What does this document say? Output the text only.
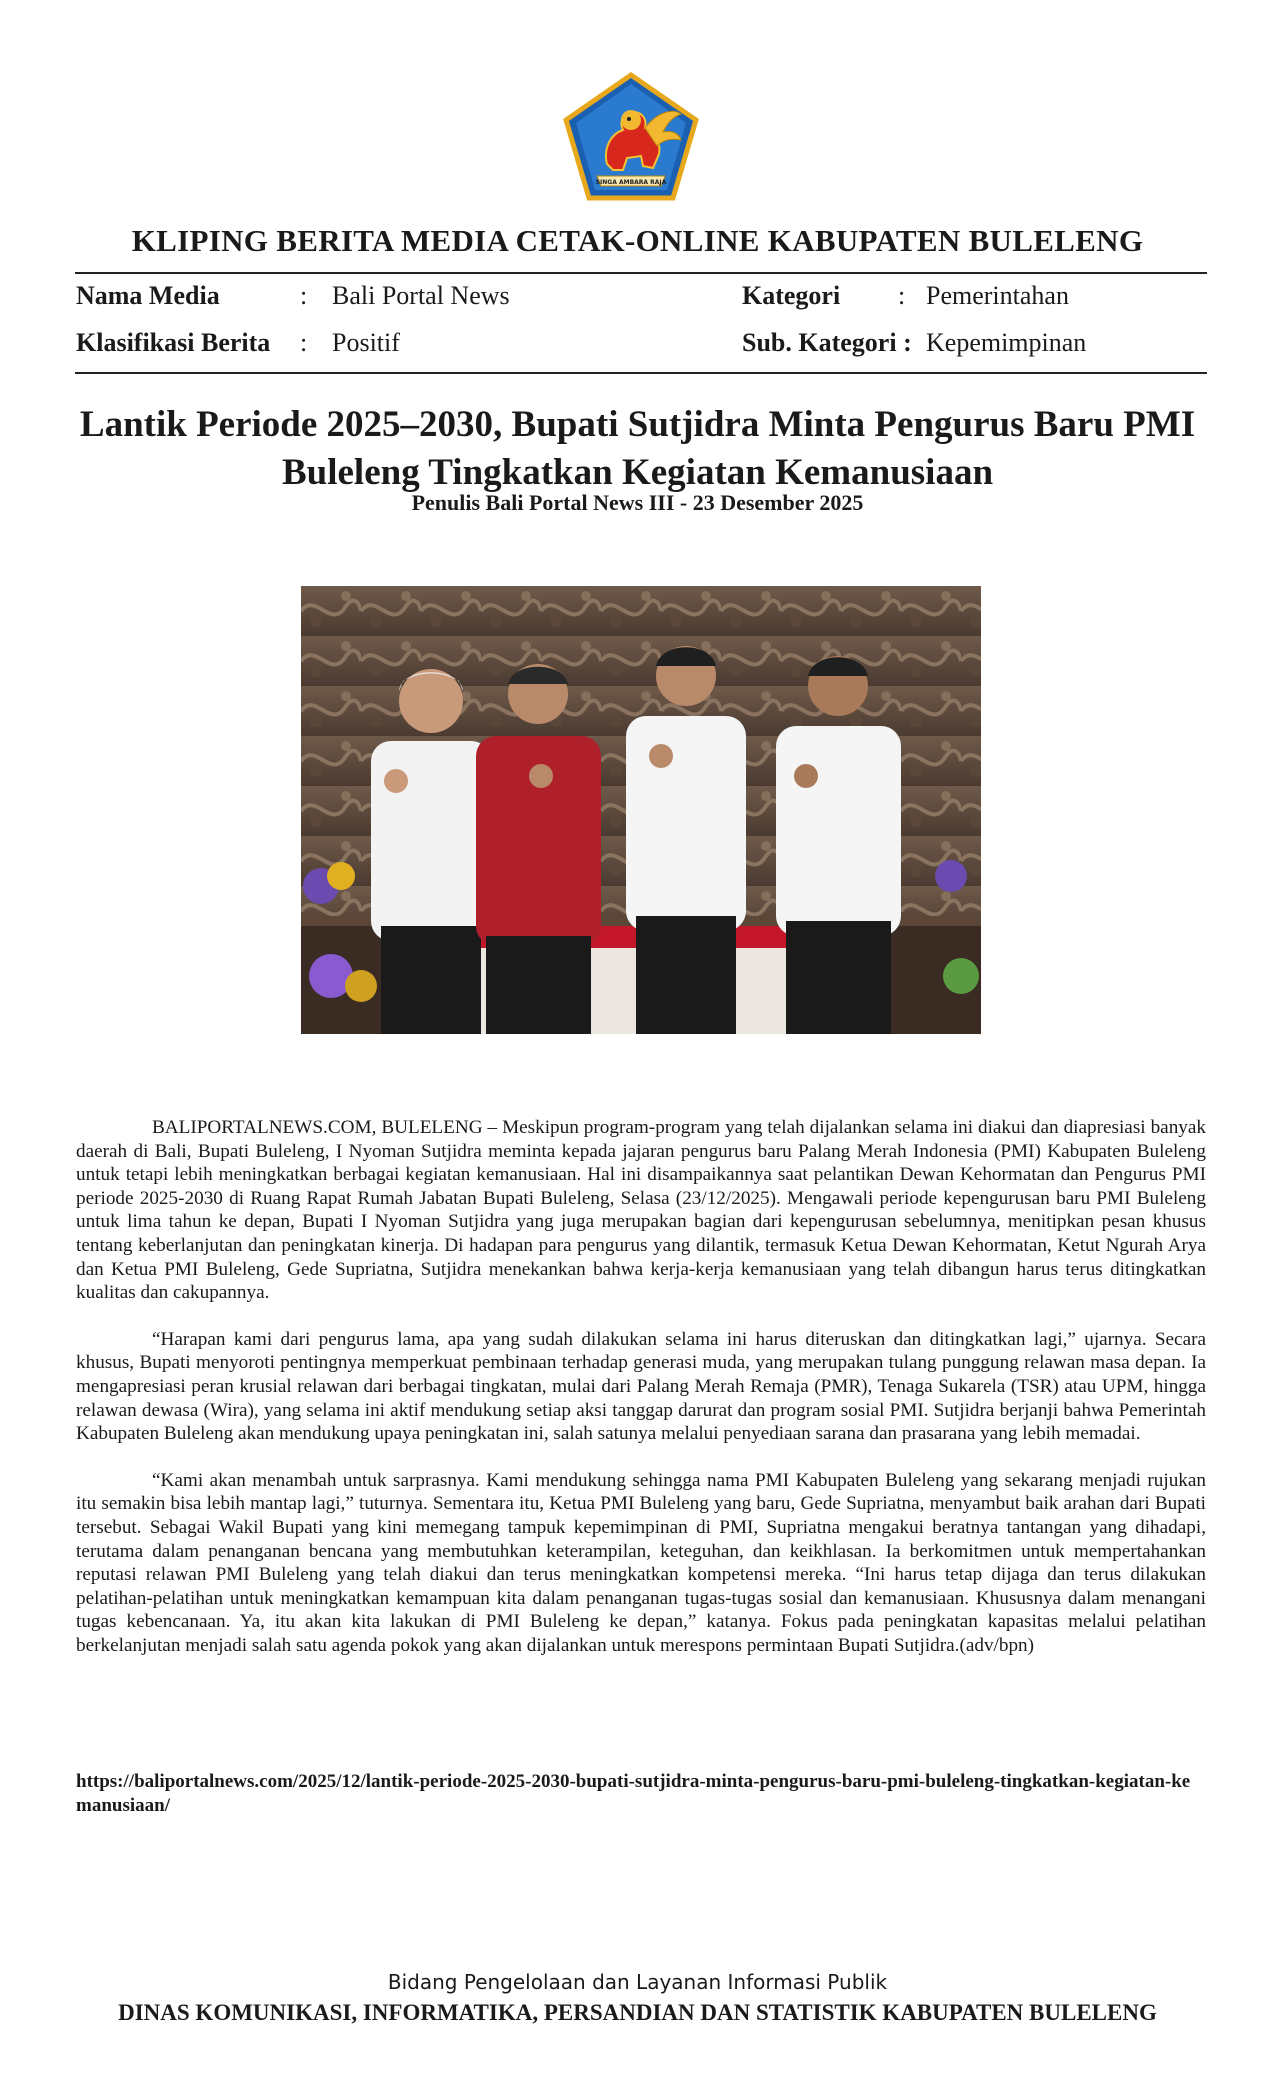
SINGA AMBARA RAJA
KLIPING BERITA MEDIA CETAK-ONLINE KABUPATEN BULELENG
Nama Media	: Bali Portal News	Kategori : Pemerintahan
Klasifikasi Berita : Positif	Sub. Kategori : Kepemimpinan
Lantik Periode 2025–2030, Bupati Sutjidra Minta Pengurus Baru PMI
Buleleng Tingkatkan Kegiatan Kemanusiaan
Penulis Bali Portal News III - 23 Desember 2025

BALIPORTALNEWS.COM, BULELENG – Meskipun program-program yang telah dijalankan selama ini diakui dan diapresiasi banyak daerah di Bali, Bupati Buleleng, I Nyoman Sutjidra meminta kepada jajaran pengurus baru Palang Merah Indonesia (PMI) Kabupaten Buleleng untuk tetapi lebih meningkatkan berbagai kegiatan kemanusiaan. Hal ini disampaikannya saat pelantikan Dewan Kehormatan dan Pengurus PMI periode 2025-2030 di Ruang Rapat Rumah Jabatan Bupati Buleleng, Selasa (23/12/2025). Mengawali periode kepengurusan baru PMI Buleleng untuk lima tahun ke depan, Bupati I Nyoman Sutjidra yang juga merupakan bagian dari kepengurusan sebelumnya, menitipkan pesan khusus tentang keberlanjutan dan peningkatan kinerja. Di hadapan para pengurus yang dilantik, termasuk Ketua Dewan Kehormatan, Ketut Ngurah Arya dan Ketua PMI Buleleng, Gede Supriatna, Sutjidra menekankan bahwa kerja-kerja kemanusiaan yang telah dibangun harus terus ditingkatkan kualitas dan cakupannya.

“Harapan kami dari pengurus lama, apa yang sudah dilakukan selama ini harus diteruskan dan ditingkatkan lagi,” ujarnya. Secara khusus, Bupati menyoroti pentingnya memperkuat pembinaan terhadap generasi muda, yang merupakan tulang punggung relawan masa depan. Ia mengapresiasi peran krusial relawan dari berbagai tingkatan, mulai dari Palang Merah Remaja (PMR), Tenaga Sukarela (TSR) atau UPM, hingga relawan dewasa (Wira), yang selama ini aktif mendukung setiap aksi tanggap darurat dan program sosial PMI. Sutjidra berjanji bahwa Pemerintah Kabupaten Buleleng akan mendukung upaya peningkatan ini, salah satunya melalui penyediaan sarana dan prasarana yang lebih memadai.

“Kami akan menambah untuk sarprasnya. Kami mendukung sehingga nama PMI Kabupaten Buleleng yang sekarang menjadi rujukan itu semakin bisa lebih mantap lagi,” tuturnya. Sementara itu, Ketua PMI Buleleng yang baru, Gede Supriatna, menyambut baik arahan dari Bupati tersebut. Sebagai Wakil Bupati yang kini memegang tampuk kepemimpinan di PMI, Supriatna mengakui beratnya tantangan yang dihadapi, terutama dalam penanganan bencana yang membutuhkan keterampilan, keteguhan, dan keikhlasan. Ia berkomitmen untuk mempertahankan reputasi relawan PMI Buleleng yang telah diakui dan terus meningkatkan kompetensi mereka. “Ini harus tetap dijaga dan terus dilakukan pelatihan-pelatihan untuk meningkatkan kemampuan kita dalam penanganan tugas-tugas sosial dan kemanusiaan. Khususnya dalam menangani tugas kebencanaan. Ya, itu akan kita lakukan di PMI Buleleng ke depan,” katanya. Fokus pada peningkatan kapasitas melalui pelatihan berkelanjutan menjadi salah satu agenda pokok yang akan dijalankan untuk merespons permintaan Bupati Sutjidra.(adv/bpn)

https://baliportalnews.com/2025/12/lantik-periode-2025-2030-bupati-sutjidra-minta-pengurus-baru-pmi-buleleng-tingkatkan-kegiatan-kemanusiaan/
Bidang Pengelolaan dan Layanan Informasi Publik
DINAS KOMUNIKASI, INFORMATIKA, PERSANDIAN DAN STATISTIK KABUPATEN BULELENG
